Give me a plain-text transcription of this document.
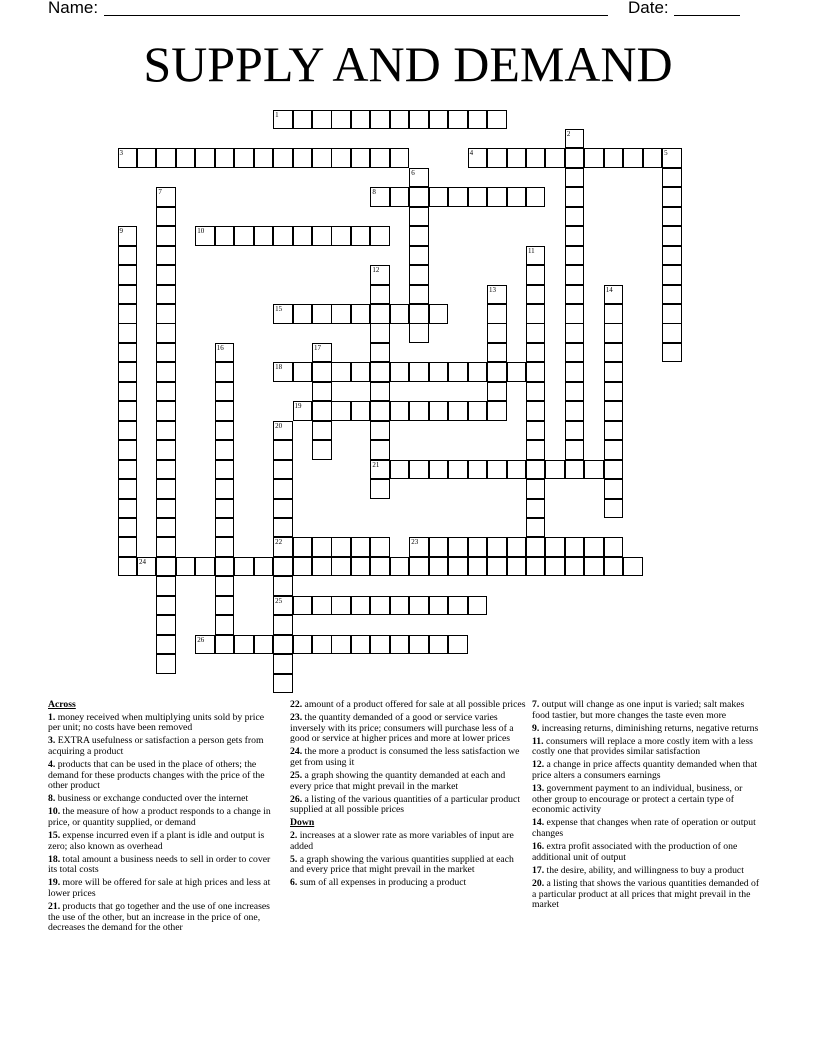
Name:	Date:
SUPPLY AND DEMAND
1
3	4
8
10
15
18
19
21
22	23
24
25
26
2
5
6
7
9
11
12
13	14
16	17
20
Across
1. money received when multiplying units sold by price per unit; no costs have been removed
3. EXTRA usefulness or satisfaction a person gets from acquiring a product
4. products that can be used in the place of others; the demand for these products changes with the price of the other product
8. business or exchange conducted over the internet
10. the measure of how a product responds to a change in price, or quantity supplied, or demand
15. expense incurred even if a plant is idle and output is zero; also known as overhead
18. total amount a business needs to sell in order to cover its total costs
19. more will be offered for sale at high prices and less at lower prices
21. products that go together and the use of one increases the use of the other, but an increase in the price of one, decreases the demand for the other
22. amount of a product offered for sale at all possible prices
23. the quantity demanded of a good or service varies inversely with its price; consumers will purchase less of a good or service at higher prices and more at lower prices
24. the more a product is consumed the less satisfaction we get from using it
25. a graph showing the quantity demanded at each and every price that might prevail in the market
26. a listing of the various quantities of a particular product supplied at all possible prices
Down
2. increases at a slower rate as more variables of input are added
5. a graph showing the various quantities supplied at each and every price that might prevail in the market
6. sum of all expenses in producing a product
7. output will change as one input is varied; salt makes food tastier, but more changes the taste even more
9. increasing returns, diminishing returns, negative returns
11. consumers will replace a more costly item with a less costly one that provides similar satisfaction
12. a change in price affects quantity demanded when that price alters a consumers earnings
13. government payment to an individual, business, or other group to encourage or protect a certain type of economic activity
14. expense that changes when rate of operation or output changes
16. extra profit associated with the production of one additional unit of output
17. the desire, ability, and willingness to buy a product
20. a listing that shows the various quantities demanded of a particular product at all prices that might prevail in the market
